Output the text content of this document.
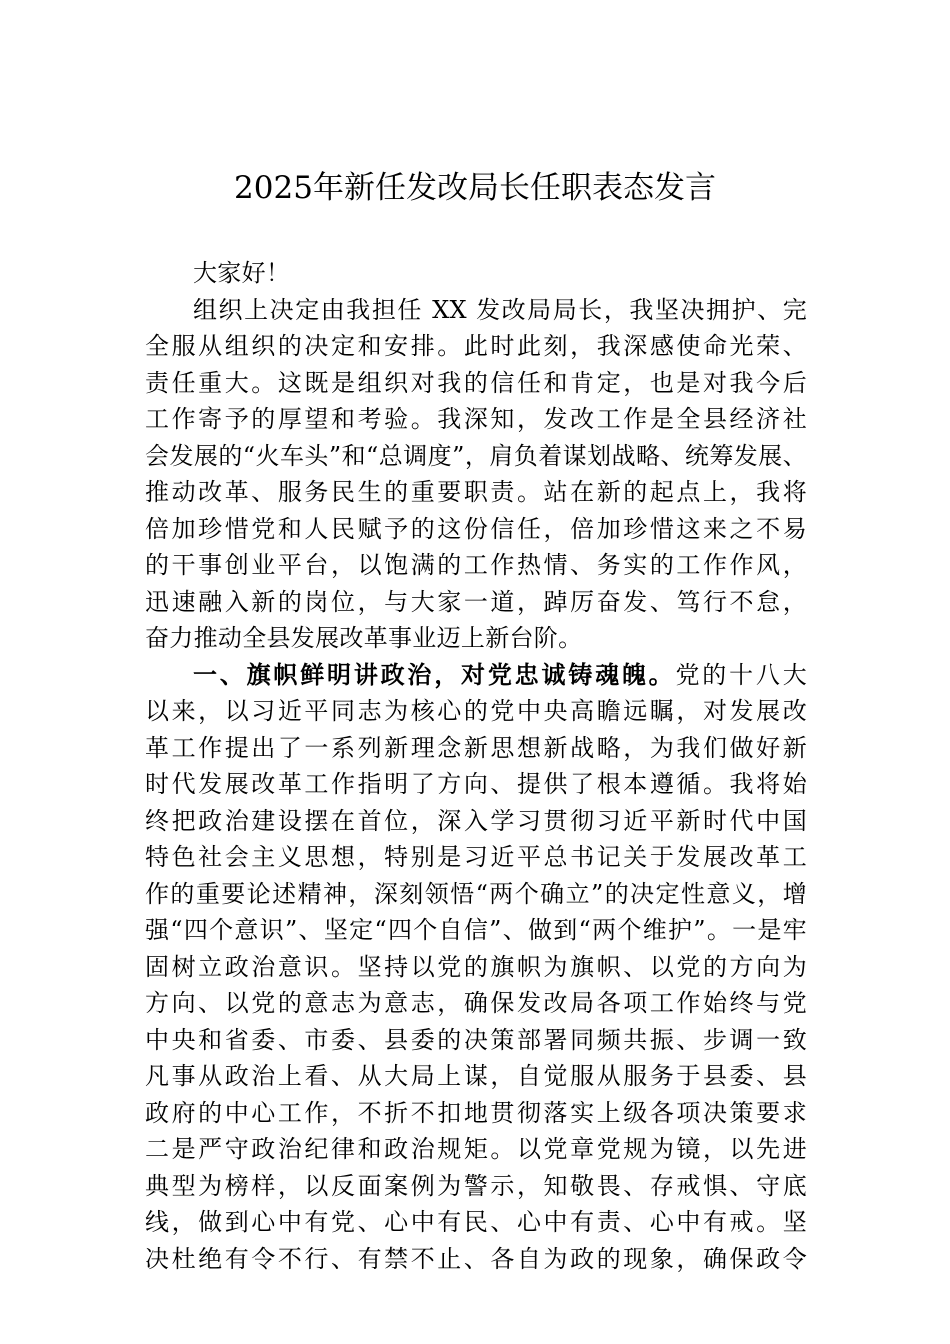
2025年新任发改局长任职表态发言
大家好！
组织上决定由我担任 XX 发改局局长，我坚决拥护、完
全服从组织的决定和安排。此时此刻，我深感使命光荣、
责任重大。这既是组织对我的信任和肯定，也是对我今后
工作寄予的厚望和考验。我深知，发改工作是全县经济社
会发展的“火车头”和“总调度”，肩负着谋划战略、统筹发展、
推动改革、服务民生的重要职责。站在新的起点上，我将
倍加珍惜党和人民赋予的这份信任，倍加珍惜这来之不易
的干事创业平台，以饱满的工作热情、务实的工作作风，
迅速融入新的岗位，与大家一道，踔厉奋发、笃行不怠，
奋力推动全县发展改革事业迈上新台阶。
一、旗帜鲜明讲政治，对党忠诚铸魂魄。党的十八大
以来，以习近平同志为核心的党中央高瞻远瞩，对发展改
革工作提出了一系列新理念新思想新战略，为我们做好新
时代发展改革工作指明了方向、提供了根本遵循。我将始
终把政治建设摆在首位，深入学习贯彻习近平新时代中国
特色社会主义思想，特别是习近平总书记关于发展改革工
作的重要论述精神，深刻领悟“两个确立”的决定性意义，增
强“四个意识”、坚定“四个自信”、做到“两个维护”。一是牢
固树立政治意识。坚持以党的旗帜为旗帜、以党的方向为
方向、以党的意志为意志，确保发改局各项工作始终与党
中央和省委、市委、县委的决策部署同频共振、步调一致
凡事从政治上看、从大局上谋，自觉服从服务于县委、县
政府的中心工作，不折不扣地贯彻落实上级各项决策要求
二是严守政治纪律和政治规矩。以党章党规为镜，以先进
典型为榜样，以反面案例为警示，知敬畏、存戒惧、守底
线，做到心中有党、心中有民、心中有责、心中有戒。坚
决杜绝有令不行、有禁不止、各自为政的现象，确保政令
